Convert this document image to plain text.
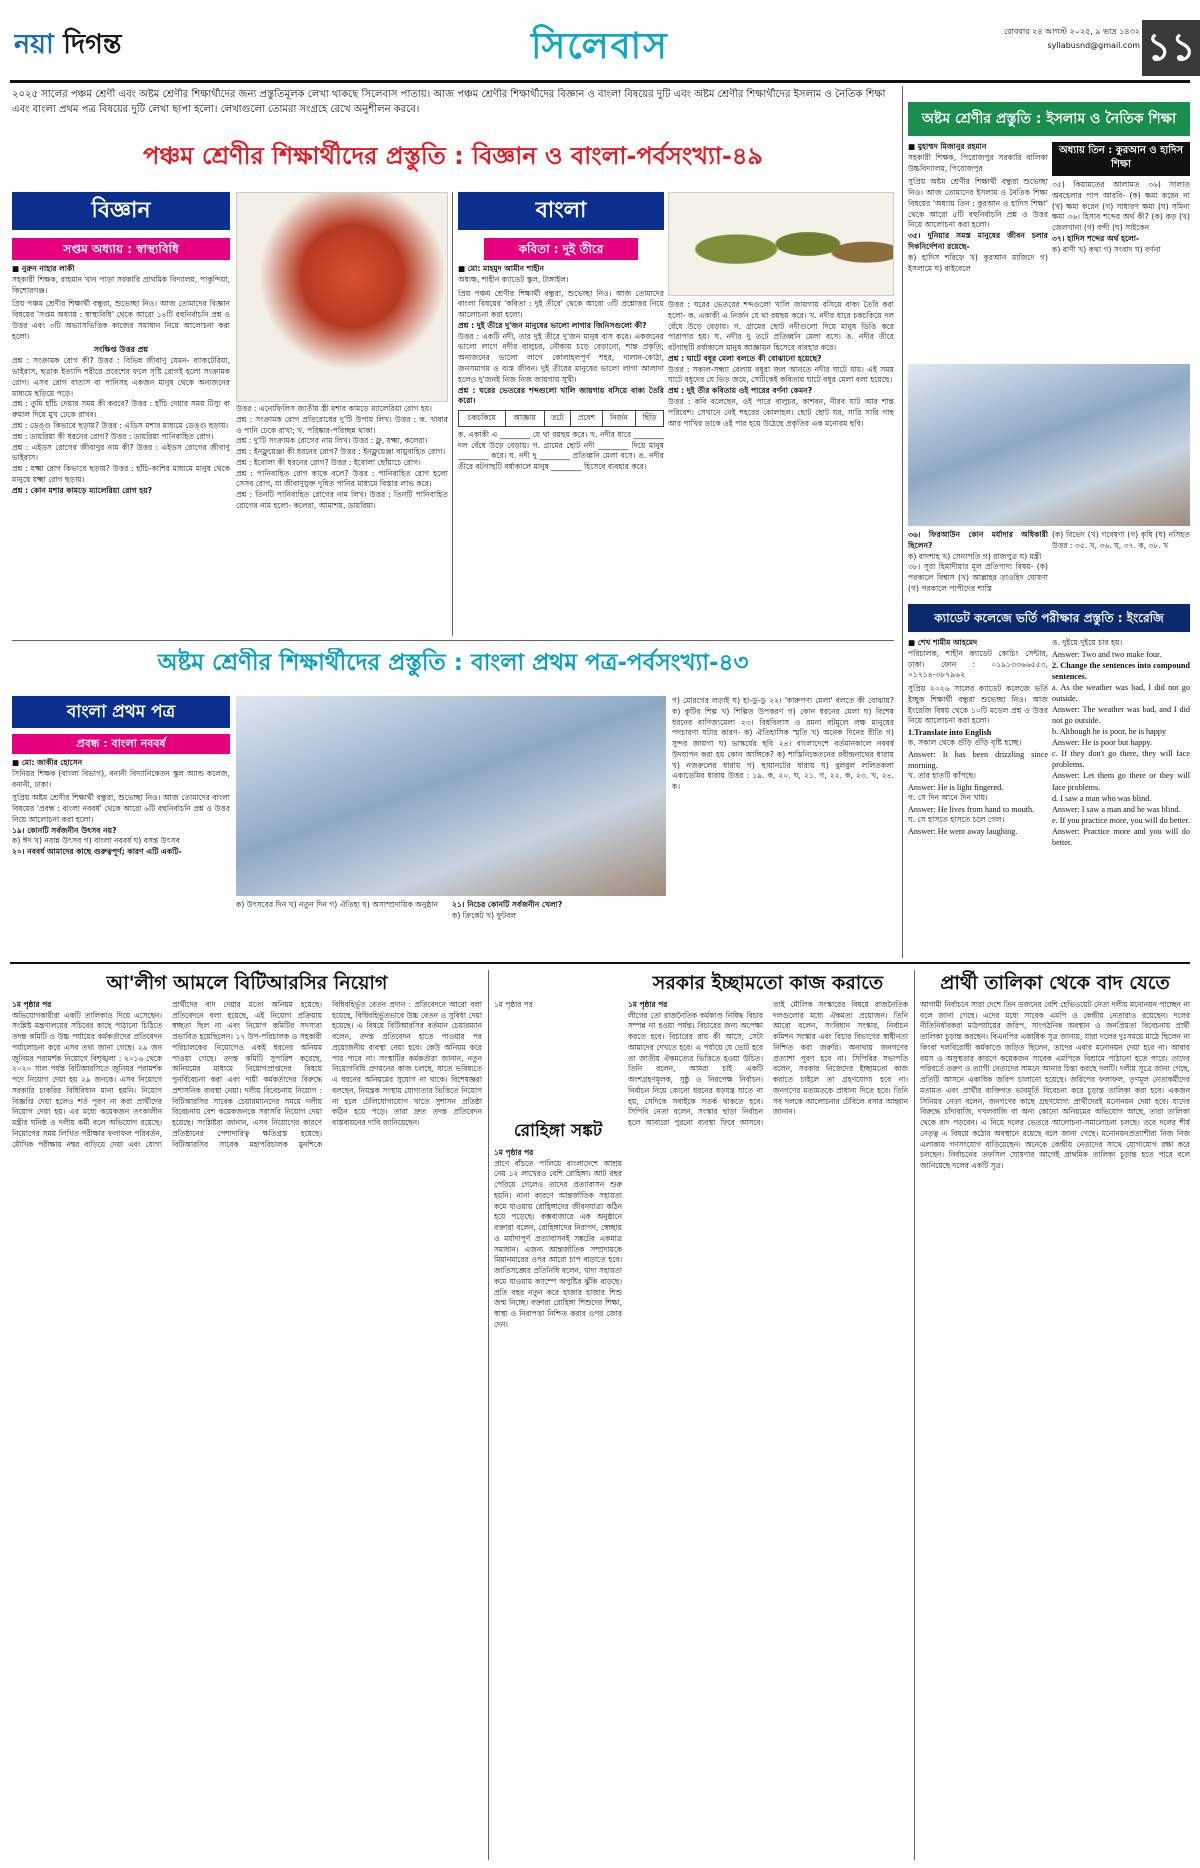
নয়া দিগন্ত	সিলেবাস	রোববার ২৪ আগস্ট ২০২৫, ৯ ভাদ্র ১৪৩২
syllabusnd@gmail.com ১১
২০২৫ সালের পঞ্চম শ্রেণী এবং অষ্টম শ্রেণীর শিক্ষার্থীদের জন্য প্রস্তুতিমূলক লেখা থাকছে সিলেবাস পাতায়। আজ পঞ্চম শ্রেণীর শিক্ষার্থীদের বিজ্ঞান ও বাংলা বিষয়ের দুটি এবং অষ্টম শ্রেণীর শিক্ষার্থীদের ইসলাম ও নৈতিক শিক্ষা এবং বাংলা প্রথম পত্র বিষয়ের দুটি লেখা ছাপা হলো। লেখাগুলো তোমরা সংগ্রহে রেখে অনুশীলন করবে।
পঞ্চম শ্রেণীর শিক্ষার্থীদের প্রস্তুতি : বিজ্ঞান ও বাংলা-পর্বসংখ্যা-৪৯
বিজ্ঞান
সপ্তম অধ্যায় : স্বাস্থ্যবিধি

■ নুরুন নাহার লাকী

সহকারী শিক্ষক, রাহমান খান পাড়া সরকারি প্রাথমিক বিদ্যালয়, পাকুন্দিয়া, কিশোরগঞ্জ।

প্রিয় পঞ্চম শ্রেণীর শিক্ষার্থী বন্ধুরা, শুভেচ্ছা নিও। আজ তোমাদের বিজ্ঞান বিষয়ের 'সপ্তম অধ্যায় : স্বাস্থ্যবিধি' থেকে আরো ১৪টি বহুনির্বাচনি প্রশ্ন ও উত্তর এবং ৩টি অভ্যাসভিত্তিক কাজের সমাধান নিয়ে আলোচনা করা হলো।

সংক্ষিপ্ত উত্তর প্রশ্ন

প্রশ্ন : সংক্রামক রোগ কী? উত্তর : বিভিন্ন জীবাণু যেমন- ব্যাকটেরিয়া, ভাইরাস, ছত্রাক ইত্যাদি শরীরে প্রবেশের ফলে সৃষ্টি রোগই হলো সংক্রামক রোগ। এসব রোগ বাতাস বা পানিসহ একজন মানুষ থেকে অন্যজনের মাধ্যমে ছড়িয়ে পড়ে।

প্রশ্ন : তুমি হাঁচি দেয়ার সময় কী করবে? উত্তর : হাঁচি দেয়ার সময় টিস্যু বা রুমাল দিয়ে মুখ ঢেকে রাখব।

প্রশ্ন : ডেঙ্গু কিভাবে ছড়ায়? উত্তর : এডিস মশার মাধ্যমে ডেঙ্গু ছড়ায়।

প্রশ্ন : ডায়রিয়া কী ধরনের রোগ? উত্তর : ডায়রিয়া পানিবাহিত রোগ।

প্রশ্ন : এইডস রোগের জীবাণুর নাম কী? উত্তর : এইডস রোগের জীবাণু ভাইরাস।

প্রশ্ন : যক্ষ্মা রোগ কিভাবে ছড়ায়? উত্তর : হাঁচি-কাশির মাধ্যমে মানুষ থেকে মানুষে যক্ষ্মা রোগ ছড়ায়।

প্রশ্ন : কোন মশার কামড়ে ম্যালেরিয়া রোগ হয়?

উত্তর : এনোফিলিস জাতীয় স্ত্রী মশার কামড়ে ম্যালেরিয়া রোগ হয়।

প্রশ্ন : সংক্রামক রোগ প্রতিরোধের দু'টি উপায় লিখ। উত্তর : ক. খাবার ও পানি ঢেকে রাখা; খ. পরিষ্কার-পরিচ্ছন্ন থাকা।

প্রশ্ন : দু'টি সংক্রামক রোগের নাম লিখ। উত্তর : ফ্লু, যক্ষ্মা, কলেরা।

প্রশ্ন : ইনফ্লুয়েঞ্জা কী ধরনের রোগ? উত্তর : ইনফ্লুয়েঞ্জা বায়ুবাহিত রোগ।

প্রশ্ন : ইবোলা কী ধরনের রোগ? উত্তর : ইবোলা ছোঁয়াচে রোগ।

প্রশ্ন : পানিবাহিত রোগ কাকে বলে? উত্তর : পানিবাহিত রোগ হলো সেসব রোগ, যা জীবাণুযুক্ত দূষিত পানির মাধ্যমে বিস্তার লাভ করে।

প্রশ্ন : তিনটি পানিবাহিত রোগের নাম লিখ। উত্তর : তিনটি পানিবাহিত রোগের নাম হলো- কলেরা, আমাশয়, ডায়রিয়া।

বাংলা
কবিতা : দুই তীরে

■ মো: মাহমুদ আমীন শাহীন

অধ্যক্ষ, শাহীন ক্যাডেট স্কুল, টাঙ্গাইল।

প্রিয় পঞ্চম শ্রেণীর শিক্ষার্থী বন্ধুরা, শুভেচ্ছা নিও। আজ তোমাদের বাংলা বিষয়ের 'কবিতা : দুই তীরে' থেকে আরো ৩টি প্রশ্নোত্তর নিয়ে আলোচনা করা হলো।

প্রশ্ন : দুই তীরে দু'জন মানুষের ভালো লাগার জিনিসগুলো কী?

উত্তর : একটি নদী, তার দুই তীরে দু'জন মানুষ বাস করে। একজনের ভালো লাগে নদীর বালুচর, নৌকায় চড়ে বেড়ানো, শান্ত প্রকৃতি; অন্যজনের ভালো লাগে কোলাহলপূর্ণ শহর, দালান-কোঠা, জনসমাগম ও ব্যস্ত জীবন। দুই তীরের মানুষের ভালো লাগা আলাদা হলেও দু'জনই নিজ নিজ জায়গায় সুখী।

প্রশ্ন : ঘরের ভেতরের শব্দগুলো খালি জায়গায় বসিয়ে বাক্য তৈরি করো।

চকচকিয়ে	আজ্ঞায়	তটে	প্রবেশ	নির্জন	ছিঁড়ি

ক. একাকী এ ________ যে থা রয়ছয় করে। খ. নদীর ধারে ________ দল বেঁধে উড়ে বেড়ায়। গ. গ্রামের ছোট নদী ________ দিয়ে মানুষ ________ করে। ঘ. নদী দু ________ প্রতিধ্বনি মেলা বসে। ঙ. নদীর তীরে বটগাছটি বর্ষাকালে মানুষ ________ হিসেবে ব্যবহার করে।

উত্তর : ঘরের ভেতরের শব্দগুলো খালি জায়গায় বসিয়ে বাক্য তৈরি করা হলো- ক. একাকী এ নির্জন যে থা রয়ছয় করে। খ. নদীর ধারে চকচকিয়ে দল বেঁধে উড়ে বেড়ায়। গ. গ্রামের ছোট নদীগুলো দিয়ে মানুষ ডিঙি করে পারাপার হয়। ঘ. নদীর দু তটে প্রতিধ্বনি মেলা বসে। ঙ. নদীর তীরে বটগাছটি বর্ষাকালে মানুষ আজ্ঞায়ন হিসেবে ব্যবহার করে।

প্রশ্ন : ঘাটে বধূর মেলা বলতে কী বোঝানো হয়েছে?

উত্তর : সকাল-সন্ধ্যা বেলায় বধূরা জল আনতে নদীর ঘাটে যায়। এই সময় ঘাটে বধূদের যে ভিড় জমে, সেটিকেই কবিতায় ঘাটে বধূর মেলা বলা হয়েছে।

প্রশ্ন : দুই তীর কবিতায় ওই পারের বর্ণনা কেমন?

উত্তর : কবি বলেছেন, ওই পারে বালুচর, কাশবন, নীরব ঘাট আর শান্ত পরিবেশ। সেখানে নেই শহরের কোলাহল। ছোট ছোট ঘর, সারি সারি গাছ আর পাখির ডাকে ওই পার হয়ে উঠেছে প্রকৃতির এক মনোরম ছবি।

অষ্টম শ্রেণীর প্রস্তুতি : ইসলাম ও নৈতিক শিক্ষা

■ মুহাম্মদ মিজানুর রহমান

সহকারী শিক্ষক, পিরোজপুর সরকারি বালিকা উচ্চবিদ্যালয়, পিরোজপুর

সুপ্রিয় অষ্টম শ্রেণীর শিক্ষার্থী বন্ধুরা শুভেচ্ছা নিও। আজ তোমাদের ইসলাম ও নৈতিক শিক্ষা বিষয়ের 'অধ্যায় তিন : কুরআন ও হাদিস শিক্ষা' থেকে আরো ৫টি বহুনির্বাচনি প্রশ্ন ও উত্তর নিয়ে আলোচনা করা হলো।

৩৫। দুনিয়ার সমস্ত মানুষের জীবন চলার দিকনির্দেশনা রয়েছে-

ক) হাদিস শরিফে খ) কুরআন মাজিদে গ) ইসলামে ঘ) বাইবেলে

অধ্যায় তিন : কুরআন ও হাদিস শিক্ষা

৩৫) কিয়ামতের আলামত ৩৬) সালাত অবহেলার পাপ আরবি- (ক) ক্ষমা করেন না (খ) ক্ষমা করেন (গ) সাধারণ ক্ষমা (ঘ) সমিনা ক্ষমা ৩৬। হিসাব শব্দের অর্থ কী? (ক) কড় (খ) জেলখানা (গ) বন্দী (ঘ) সাইকেন

৩৭। হাদিস শব্দের অর্থ হলো-

ক) বাণী খ) কথা গ) সংবাদ ঘ) বর্ণনা

৩৬। ফিরআউন কোন মর্যাদার অধিকারী ছিলেন?

ক) বাদশাহ খ) সেনাপতি গ) রাজপুত্র ঘ) মন্ত্রী

৩৮। সূরা হিমাদীয়ার মূল প্রতিপাদ্য বিষয়- (ক) পরকালে বিশ্বাস (খ) আল্লাহর তাওহিদ ঘোষণা (গ) পরকালে পাপীদের শাস্তি

(ক) বিভেদ (খ) গবেষণা (গ) কৃষি (ঘ) নসিহত উত্তর : ৩৫. খ, ৩৬. ঘ, ৩৭. ক, ৩৮. খ

ক্যাডেট কলেজে ভর্তি পরীক্ষার প্রস্তুতি : ইংরেজি

■ শেখ শামীম আহমেদ

পরিচালক, শাহীন ক্যাডেট কোচিং সেন্টার, ঢাকা। ফোন : ০১৯১৩৩৬৬৫৫৩, ০১৭১৪-৩৮৭৯৬২

সুপ্রিয় ২০২৬ সালের ক্যাডেট কলেজে ভর্তি ইচ্ছুক শিক্ষার্থী বন্ধুরা শুভেচ্ছা নিও। আজ ইংরেজি বিষয় থেকে ১০টি মডেল প্রশ্ন ও উত্তর নিয়ে আলোচনা করা হলো।

1.Translate into English

ক. সকাল থেকে গুঁড়ি গুঁড়ি বৃষ্টি হচ্ছে।

Answer: It has been drizzling since morning.

খ. তার হাতটি কাঁপছে।

Answer: He is light fingered.

গ. সে দিন আনে দিন খায়।

Answer: He lives from hand to mouth.

ঘ. সে হাসতে হাসতে চলে গেল।

Answer: He went away laughing.

ঙ. দুইয়ে দুইয়ে চার হয়।

Answer: Two and two make four.

2. Change the sentences into compound sentences.

a. As the weather was bad, I did not go outside.

Answer: The weather was bad, and I did not go outside.

b. Although he is poor, he is happy

Answer: He is poor but happy.

c. If they don't go there, they will face problems.

Answer: Let them go there or they will face problems.

d. I saw a man who was blind.

Answer: I saw a man and he was blind.

e. If you practice more, you will do better.

Answer: Practice more and you will do better.

অষ্টম শ্রেণীর শিক্ষার্থীদের প্রস্তুতি : বাংলা প্রথম পত্র-পর্বসংখ্যা-৪৩
বাংলা প্রথম পত্র
প্রবন্ধ : বাংলা নববর্ষ

■ মো: জাকীর হোসেন

সিনিয়র শিক্ষক (বাংলা বিভাগ), বনানী বিদ্যানিকেতন স্কুল অ্যান্ড কলেজ, বনানী, ঢাকা।

সুপ্রিয় অষ্টম শ্রেণীর শিক্ষার্থী বন্ধুরা, শুভেচ্ছা নিও। আজ তোমাদের বাংলা বিষয়ের 'প্রবন্ধ : বাংলা নববর্ষ' থেকে আরো ৬টি বহুনির্বাচনি প্রশ্ন ও উত্তর নিয়ে আলোচনা করা হলো।

১৯। কোনটি সর্বজনীন উৎসব নয়?

ক) ঈদ খ) নবান্ন উৎসব গ) বাংলা নববর্ষ ঘ) বসন্ত উৎসব

২০। নববর্ষ আমাদের কাছে গুরুত্বপূর্ণ; কারণ এটি একটি-

ক) উৎসবের দিন খ) নতুন দিন গ) ঐতিহ্য ঘ) অসাম্প্রদায়িক অনুষ্ঠান	২১। নিচের কোনটি সর্বজনীন খেলা?

ক) ক্রিকেট খ) ফুটবল

গ) মোরগের লড়াই ঘ) হা-ডু-ডু ২২। 'কারুপণ্য মেলা' বলতে কী বোঝায়? ক) কুটির শিল্প খ) শিল্পিত উপকরণ গ) কোন ধরনের মেলা ঘ) বিশেষ ধরনের বাণিজ্যমেলা ২৩। বিধবিলাস ও রমনা বটমূলে লক্ষ মানুষের পদচারণা ঘটার কারণ- ক) ঐতিহাসিক স্মৃতি খ) অনেক দিনের রীতি গ) সুন্দর জায়গা ঘ) ভাস্কর্যের ছবি ২৪। বাংলাদেশে বর্তমানকালে নববর্ষ উদযাপন করা হয় কোন আঙ্গিকে? ক) শাস্তিনিকেতনের রবীন্দ্রনাথের ধারায় খ) নজরুলের ধারায় গ) ছায়ানটের ধারায় ঘ) বুলবুল ললিতকলা একাডেমির ধারায় উত্তর : ১৯. ক, ২০. ঘ, ২১. গ, ২২. ক, ২৩. খ, ২৪. ক।

আ'লীগ আমলে বিটিআরসির নিয়োগ

১ম পৃষ্ঠার পর

অভিযোগকারীরা একটি তালিকাও দিয়ে এসেছেন। সংশ্লিষ্ট মন্ত্রণালয়ের সচিবের কাছে পাঠানো চিঠিতে তদন্ত কমিটি ও উচ্চ পর্যায়ের কর্মকর্তাদের প্রতিবেদন পর্যালোচনা করে এসব তথ্য জানা গেছে। ২৯ জন জুনিয়র পরামর্শক নিয়োগে বিশৃঙ্খলা : ২০১৬ থেকে ২০২০ সাল পর্যন্ত বিটিআরসিতে জুনিয়র পরামর্শক পদে নিয়োগ দেয়া হয় ২৯ জনকে। এসব নিয়োগে সরকারি চাকরির বিধিবিধান মানা হয়নি। নিয়োগ বিজ্ঞপ্তি দেয়া হলেও শর্ত পূরণ না করা প্রার্থীদের নিয়োগ দেয়া হয়। এর মধ্যে কয়েকজন তৎকালীন মন্ত্রীর ঘনিষ্ঠ ও দলীয় কর্মী বলে অভিযোগ রয়েছে। নিয়োগের সময় লিখিত পরীক্ষার ফলাফল পরিবর্তন, মৌখিক পরীক্ষায় নম্বর বাড়িয়ে দেয়া এবং যোগ্য প্রার্থীদের বাদ দেয়ার মতো অনিয়ম হয়েছে। প্রতিবেদনে বলা হয়েছে, এই নিয়োগ প্রক্রিয়ায় স্বচ্ছতা ছিল না এবং নিয়োগ কমিটির সদস্যরা প্রভাবিত হয়েছিলেন। ১৭ উপ-পরিচালক ও সহকারী পরিচালকের নিয়োগেও একই ধরনের অনিয়ম পাওয়া গেছে। তদন্ত কমিটি সুপারিশ করেছে, অনিয়মের মাধ্যমে নিয়োগপ্রাপ্তদের বিষয়ে পুনর্বিবেচনা করা এবং দায়ী কর্মকর্তাদের বিরুদ্ধে প্রশাসনিক ব্যবস্থা নেয়া। দলীয় বিবেচনায় নিয়োগ : বিটিআরসির সাবেক চেয়ারম্যানদের সময়ে দলীয় বিবেচনায় বেশ কয়েকজনকে সরাসরি নিয়োগ দেয়া হয়েছে। সংশ্লিষ্টরা জানান, এসব নিয়োগের কারণে প্রতিষ্ঠানের পেশাদারিত্ব ক্ষতিগ্রস্ত হয়েছে। বিটিআরসির সাবেক মহাপরিচালক মুনশিকে বিধিবহির্ভূত বেতন প্রদান : প্রতিবেদনে আরো বলা হয়েছে, বিধিবহির্ভূতভাবে উচ্চ বেতন ও সুবিধা দেয়া হয়েছে। এ বিষয়ে বিটিআরসির বর্তমান চেয়ারম্যান বলেন, তদন্ত প্রতিবেদন হাতে পাওয়ার পর প্রয়োজনীয় ব্যবস্থা নেয়া হবে। কেউ অনিয়ম করে পার পাবে না। সংস্থাটির কর্মকর্তারা জানান, নতুন নিয়োগবিধি প্রণয়নের কাজ চলছে, যাতে ভবিষ্যতে এ ধরনের অনিয়মের সুযোগ না থাকে। বিশেষজ্ঞরা বলছেন, নিয়ন্ত্রক সংস্থায় যোগ্যতার ভিত্তিতে নিয়োগ না হলে টেলিযোগাযোগ খাতে সুশাসন প্রতিষ্ঠা কঠিন হয়ে পড়ে। তারা দ্রুত তদন্ত প্রতিবেদন বাস্তবায়নের দাবি জানিয়েছেন।	রোহিঙ্গা সঙ্কট

১ম পৃষ্ঠার পর

প্রাণে বাঁচতে পালিয়ে বাংলাদেশে আশ্রয় নেয় ১২ লাখেরও বেশি রোহিঙ্গা। আট বছর পেরিয়ে গেলেও তাদের প্রত্যাবাসন শুরু হয়নি। নানা কারণে আন্তর্জাতিক সহায়তা কমে যাওয়ায় রোহিঙ্গাদের জীবনযাত্রা কঠিন হয়ে পড়েছে। কক্সবাজারে এক অনুষ্ঠানে বক্তারা বলেন, রোহিঙ্গাদের নিরাপদ, স্বেচ্ছায় ও মর্যাদাপূর্ণ প্রত্যাবাসনই সঙ্কটের একমাত্র সমাধান। এজন্য আন্তর্জাতিক সম্প্রদায়কে মিয়ানমারের ওপর আরো চাপ বাড়াতে হবে। জাতিসঙ্ঘের প্রতিনিধি বলেন, খাদ্য সহায়তা কমে যাওয়ায় ক্যাম্পে অপুষ্টির ঝুঁকি বাড়ছে। প্রতি বছর নতুন করে হাজার হাজার শিশু জন্ম নিচ্ছে। বক্তারা রোহিঙ্গা শিশুদের শিক্ষা, স্বাস্থ্য ও নিরাপত্তা নিশ্চিত করার ওপর জোর দেন।

১ম পৃষ্ঠার পর

সরকার ইচ্ছামতো কাজ করাতে

১ম পৃষ্ঠার পর

লীগের তো রাজনৈতিক কর্মকাণ্ড নিষিদ্ধ বিচার সম্পন্ন না হওয়া পর্যন্ত। বিচারের জন্য অপেক্ষা করতে হবে। বিচারের রায় কী আসে, সেটা আমাদের দেখতে হবে। এ পর্যায়ে যে ভোট হবে তা জাতীয় ঐকমত্যের ভিত্তিতে হওয়া উচিত। তিনি বলেন, আমরা চাই একটি অংশগ্রহণমূলক, সুষ্ঠু ও নিরপেক্ষ নির্বাচন। নির্বাচন নিয়ে কোনো ধরনের ষড়যন্ত্র যাতে না হয়, সেদিকে সবাইকে সতর্ক থাকতে হবে। সিপিবি নেতা বলেন, সংস্কার ছাড়া নির্বাচন হলে আবারো পুরনো ব্যবস্থা ফিরে আসবে। তাই মৌলিক সংস্কারের বিষয়ে রাজনৈতিক দলগুলোর মধ্যে ঐকমত্য প্রয়োজন। তিনি আরো বলেন, সংবিধান সংস্কার, নির্বাচন কমিশন সংস্কার এবং বিচার বিভাগের স্বাধীনতা নিশ্চিত করা জরুরি। অন্যথায় জনগণের প্রত্যাশা পূরণ হবে না। সিপিবির সভাপতি বলেন, সরকার নিজেদের ইচ্ছামতো কাজ করাতে চাইলে তা গ্রহণযোগ্য হবে না। জনগণের মতামতকে প্রাধান্য দিতে হবে। তিনি সব দলকে আলোচনার টেবিলে বসার আহ্বান জানান।

প্রার্থী তালিকা থেকে বাদ যেতে

আগামী নির্বাচনে সারা দেশে তিন ডজনের বেশি হেভিওয়েট নেতা দলীয় মনোনয়ন পাচ্ছেন না বলে জানা গেছে। এদের মধ্যে সাবেক এমপি ও কেন্দ্রীয় নেতারাও রয়েছেন। দলের নীতিনির্ধারকরা মাঠপর্যায়ের জরিপ, সাংগঠনিক অবস্থান ও জনপ্রিয়তা বিবেচনায় প্রার্থী তালিকা চূড়ান্ত করছেন। বিএনপির একাধিক সূত্র জানায়, যারা দলের দুঃসময়ে মাঠে ছিলেন না কিংবা দলবিরোধী কর্মকাণ্ডে জড়িত ছিলেন, তাদের এবার মনোনয়ন দেয়া হবে না। আবার বয়স ও অসুস্থতার কারণে কয়েকজন সাবেক এমপিকে বিশ্রামে পাঠানো হতে পারে। তাদের পরিবর্তে তরুণ ও ত্যাগী নেতাদের সামনে আনার চিন্তা করছে দলটি। দলীয় সূত্রে জানা গেছে, প্রতিটি আসনে একাধিক জরিপ চালানো হয়েছে। জরিপের ফলাফল, তৃণমূল নেতাকর্মীদের মতামত এবং প্রার্থীর ব্যক্তিগত ভাবমূর্তি বিবেচনা করে চূড়ান্ত তালিকা করা হবে। একজন সিনিয়র নেতা বলেন, জনগণের কাছে গ্রহণযোগ্য প্রার্থীদেরই মনোনয়ন দেয়া হবে। যাদের বিরুদ্ধে চাঁদাবাজি, দখলবাজি বা অন্য কোনো অনিয়মের অভিযোগ আছে, তারা তালিকা থেকে বাদ পড়বেন। এ নিয়ে দলের ভেতরে আলোচনা-সমালোচনা চলছে। তবে দলের শীর্ষ নেতৃত্ব এ বিষয়ে কঠোর অবস্থানে রয়েছে বলে জানা গেছে। মনোনয়নপ্রত্যাশীরা নিজ নিজ এলাকায় গণসংযোগ বাড়িয়েছেন। অনেকে কেন্দ্রীয় নেতাদের সাথে যোগাযোগ রক্ষা করে চলছেন। নির্বাচনের তফসিল ঘোষণার আগেই প্রাথমিক তালিকা চূড়ান্ত হতে পারে বলে জানিয়েছে দলের একটি সূত্র।
